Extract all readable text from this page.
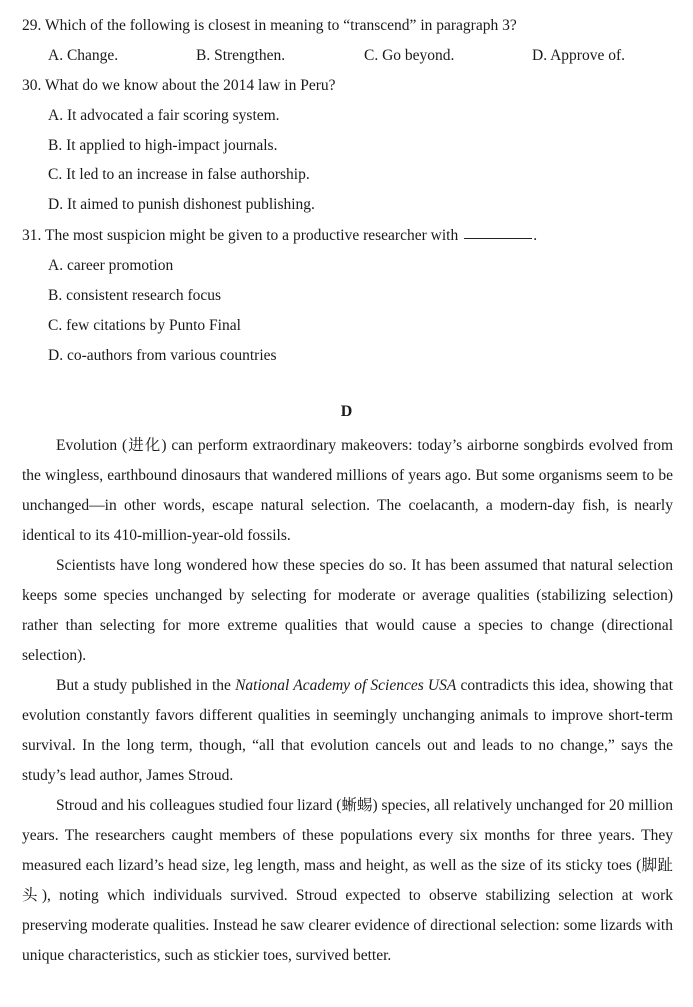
29. Which of the following is closest in meaning to “transcend” in paragraph 3?
A. Change.	B. Strengthen.	C. Go beyond.	D. Approve of.
30. What do we know about the 2014 law in Peru?
A. It advocated a fair scoring system.
B. It applied to high-impact journals.
C. It led to an increase in false authorship.
D. It aimed to punish dishonest publishing.
31. The most suspicion might be given to a productive researcher with	.
A. career promotion
B. consistent research focus
C. few citations by Punto Final
D. co-authors from various countries
D
Evolution (进化) can perform extraordinary makeovers: today’s airborne songbirds evolved from the wingless, earthbound dinosaurs that wandered millions of years ago. But some organisms seem to be unchanged—in other words, escape natural selection. The coelacanth, a modern-day fish, is nearly identical to its 410-million-year-old fossils.
Scientists have long wondered how these species do so. It has been assumed that natural selection keeps some species unchanged by selecting for moderate or average qualities (stabilizing selection) rather than selecting for more extreme qualities that would cause a species to change (directional selection).
But a study published in the National Academy of Sciences USA contradicts this idea, showing that evolution constantly favors different qualities in seemingly unchanging animals to improve short-term survival. In the long term, though, “all that evolution cancels out and leads to no change,” says the study’s lead author, James Stroud.
Stroud and his colleagues studied four lizard (蜥蜴) species, all relatively unchanged for 20 million years. The researchers caught members of these populations every six months for three years. They measured each lizard’s head size, leg length, mass and height, as well as the size of its sticky toes (脚趾头), noting which individuals survived. Stroud expected to observe stabilizing selection at work preserving moderate qualities. Instead he saw clearer evidence of directional selection: some lizards with unique characteristics, such as stickier toes, survived better.
